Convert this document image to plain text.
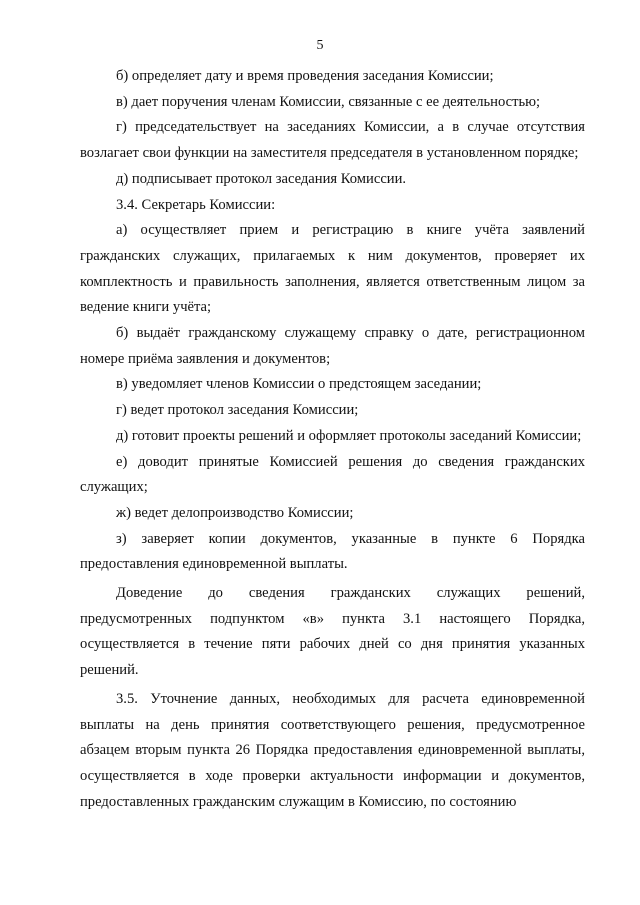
5

б) определяет дату и время проведения заседания Комиссии;

в) дает поручения членам Комиссии, связанные с ее деятельностью;

г) председательствует на заседаниях Комиссии, а в случае отсутствия возлагает свои функции на заместителя председателя в установленном порядке;

д) подписывает протокол заседания Комиссии.

3.4. Секретарь Комиссии:

а) осуществляет прием и регистрацию в книге учёта заявлений гражданских служащих, прилагаемых к ним документов, проверяет их комплектность и правильность заполнения, является ответственным лицом за ведение книги учёта;

б) выдаёт гражданскому служащему справку о дате, регистрационном номере приёма заявления и документов;

в) уведомляет членов Комиссии о предстоящем заседании;

г) ведет протокол заседания Комиссии;

д) готовит проекты решений и оформляет протоколы заседаний Комиссии;

е) доводит принятые Комиссией решения до сведения гражданских служащих;

ж) ведет делопроизводство Комиссии;

з) заверяет копии документов, указанные в пункте 6 Порядка предоставления единовременной выплаты.

Доведение до сведения гражданских служащих решений, предусмотренных подпунктом «в» пункта 3.1 настоящего Порядка, осуществляется в течение пяти рабочих дней со дня принятия указанных решений.

3.5. Уточнение данных, необходимых для расчета единовременной выплаты на день принятия соответствующего решения, предусмотренное абзацем вторым пункта 26 Порядка предоставления единовременной выплаты, осуществляется в ходе проверки актуальности информации и документов, предоставленных гражданским служащим в Комиссию, по состоянию
